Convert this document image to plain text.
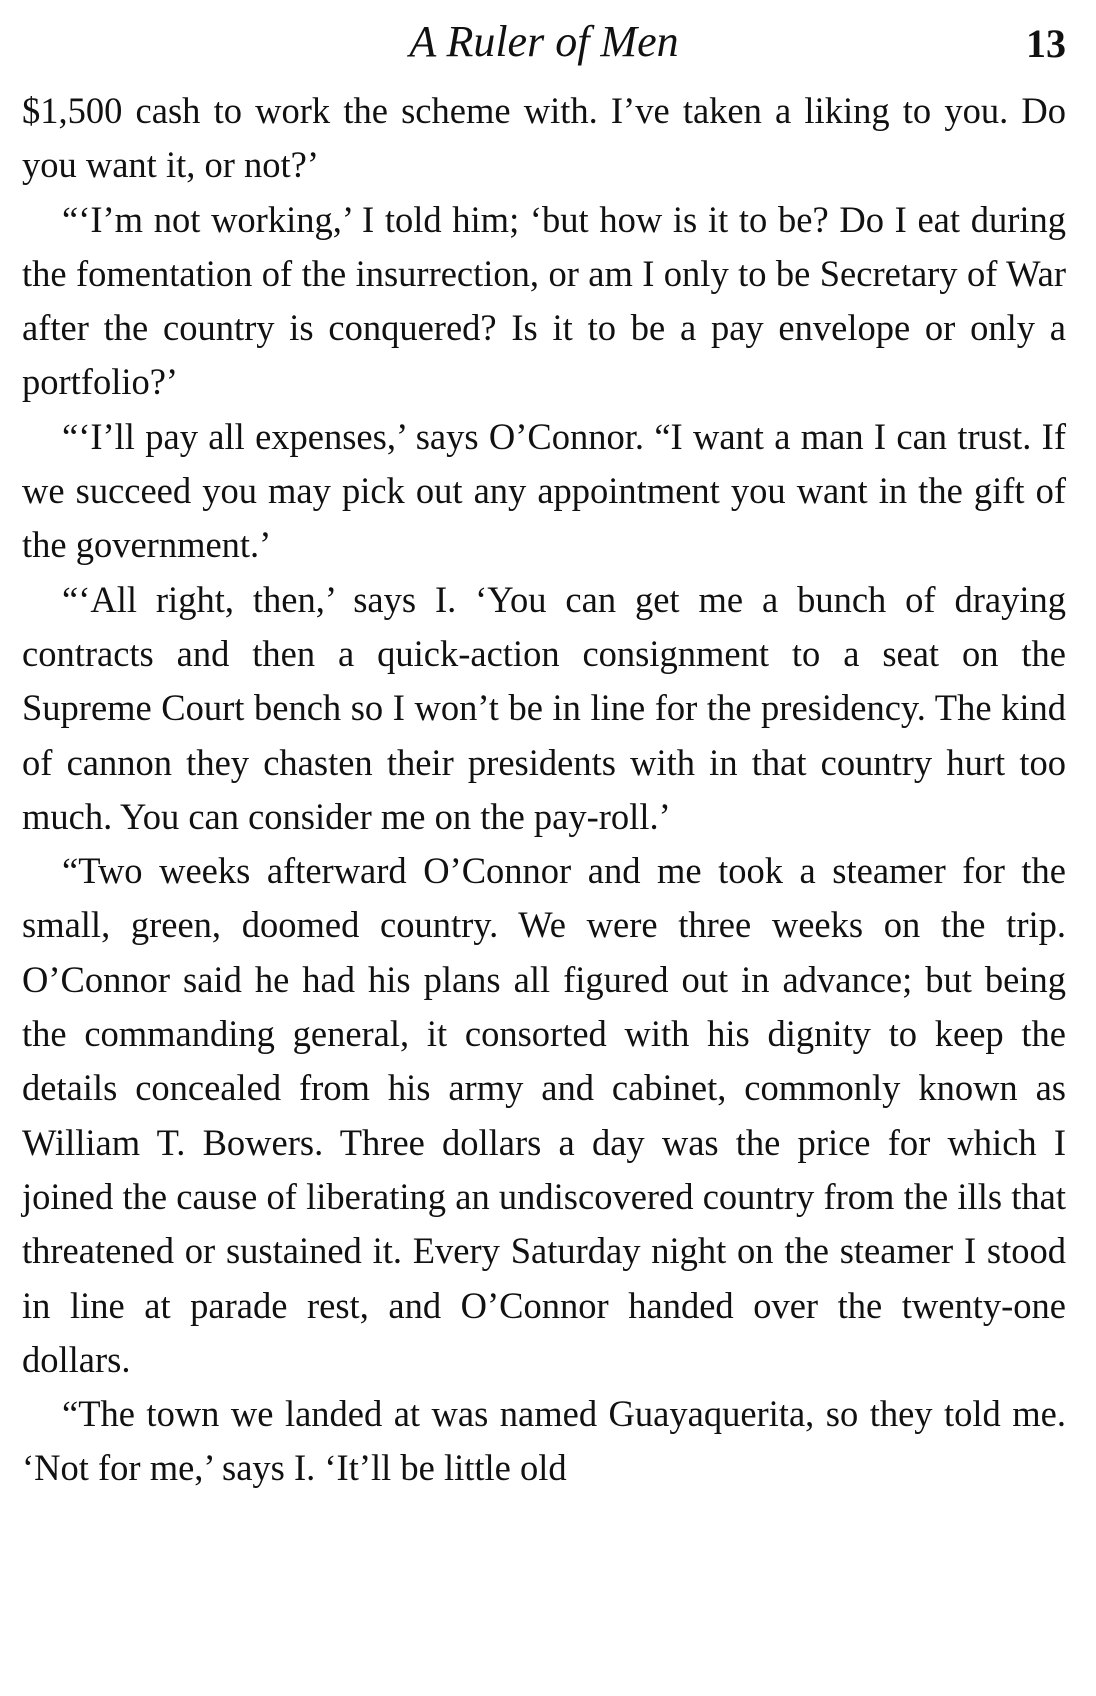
A Ruler of Men	13

$1,500 cash to work the scheme with. I’ve taken a liking to you. Do you want it, or not?’

“‘I’m not working,’ I told him; ‘but how is it to be? Do I eat during the fomentation of the insurrection, or am I only to be Secretary of War after the country is conquered? Is it to be a pay envelope or only a portfolio?’

“‘I’ll pay all expenses,’ says O’Connor. “I want a man I can trust. If we succeed you may pick out any appointment you want in the gift of the government.’

“‘All right, then,’ says I. ‘You can get me a bunch of draying contracts and then a quick-action consignment to a seat on the Supreme Court bench so I won’t be in line for the presidency. The kind of cannon they chasten their presidents with in that country hurt too much. You can consider me on the pay-roll.’

“Two weeks afterward O’Connor and me took a steamer for the small, green, doomed country. We were three weeks on the trip. O’Connor said he had his plans all figured out in advance; but being the commanding general, it consorted with his dignity to keep the details concealed from his army and cabinet, commonly known as William T. Bowers. Three dollars a day was the price for which I joined the cause of liberating an undiscovered country from the ills that threatened or sustained it. Every Saturday night on the steamer I stood in line at parade rest, and O’Connor handed over the twenty-one dollars.

“The town we landed at was named Guayaquerita, so they told me. ‘Not for me,’ says I. ‘It’ll be little old
